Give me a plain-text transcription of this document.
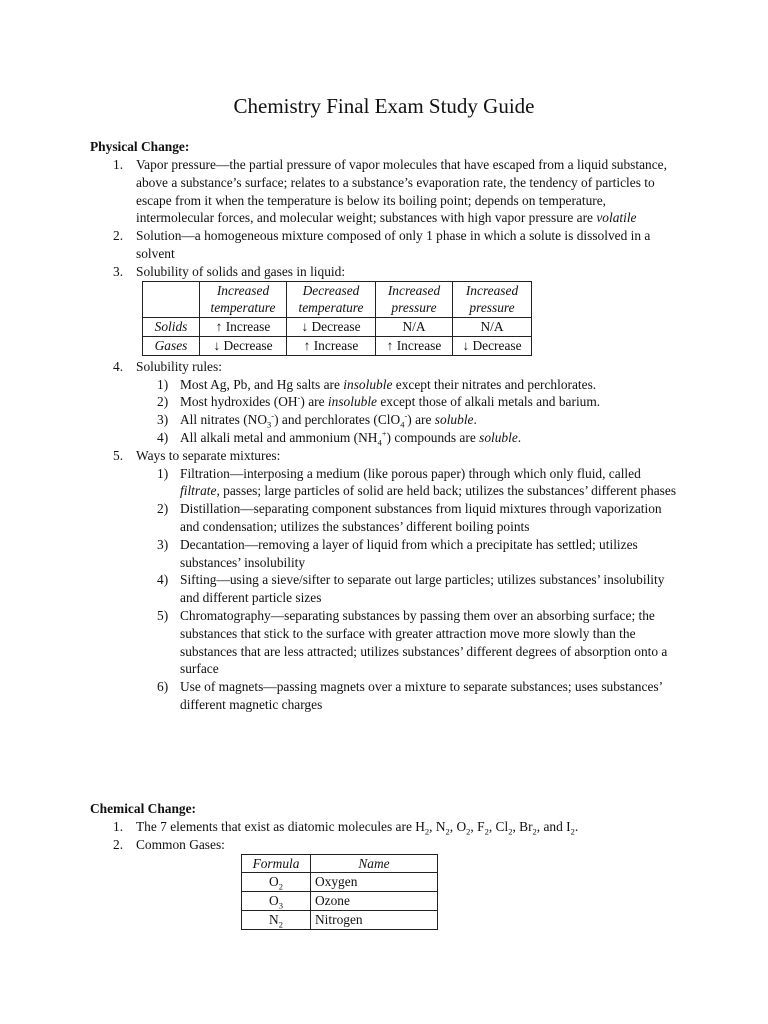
Chemistry Final Exam Study Guide
Physical Change:
1. Vapor pressure—the partial pressure of vapor molecules that have escaped from a liquid substance, above a substance’s surface; relates to a substance’s evaporation rate, the tendency of particles to escape from it when the temperature is below its boiling point; depends on temperature, intermolecular forces, and molecular weight; substances with high vapor pressure are volatile
2. Solution—a homogeneous mixture composed of only 1 phase in which a solute is dissolved in a solvent
3. Solubility of solids and gases in liquid:
	Increased temperature	Decreased temperature	Increased pressure	Increased pressure
Solids	↑ Increase	↓ Decrease	N/A	N/A
Gases	↓ Decrease	↑ Increase	↑ Increase	↓ Decrease
4. Solubility rules:
1) Most Ag, Pb, and Hg salts are insoluble except their nitrates and perchlorates.
2) Most hydroxides (OH-) are insoluble except those of alkali metals and barium.
3) All nitrates $(NO_3^-)$ and perchlorates (ClO$_4$-) are soluble.
4) All alkali metal and ammonium $(NH_4^+)$ compounds are soluble.
5. Ways to separate mixtures:
1) Filtration—interposing a medium (like porous paper) through which only fluid, called filtrate, passes; large particles of solid are held back; utilizes the substances’ different phases
2) Distillation—separating component substances from liquid mixtures through vaporization and condensation; utilizes the substances’ different boiling points
3) Decantation—removing a layer of liquid from which a precipitate has settled; utilizes substances’ insolubility
4) Sifting—using a sieve/sifter to separate out large particles; utilizes substances’ insolubility and different particle sizes
5) Chromatography—separating substances by passing them over an absorbing surface; the substances that stick to the surface with greater attraction move more slowly than the substances that are less attracted; utilizes substances’ different degrees of absorption onto a surface
6) Use of magnets—passing magnets over a mixture to separate substances; uses substances’ different magnetic charges
Chemical Change:
1. The 7 elements that exist as diatomic molecules are $H_2$, $N_2$, $O_2$, $F_2$, $Cl_2$, $Br_2$, and $I_2$.
2. Common Gases:
Formula	Name
$O_2$	Oxygen
$O_3$	Ozone
$N_2$	Nitrogen
